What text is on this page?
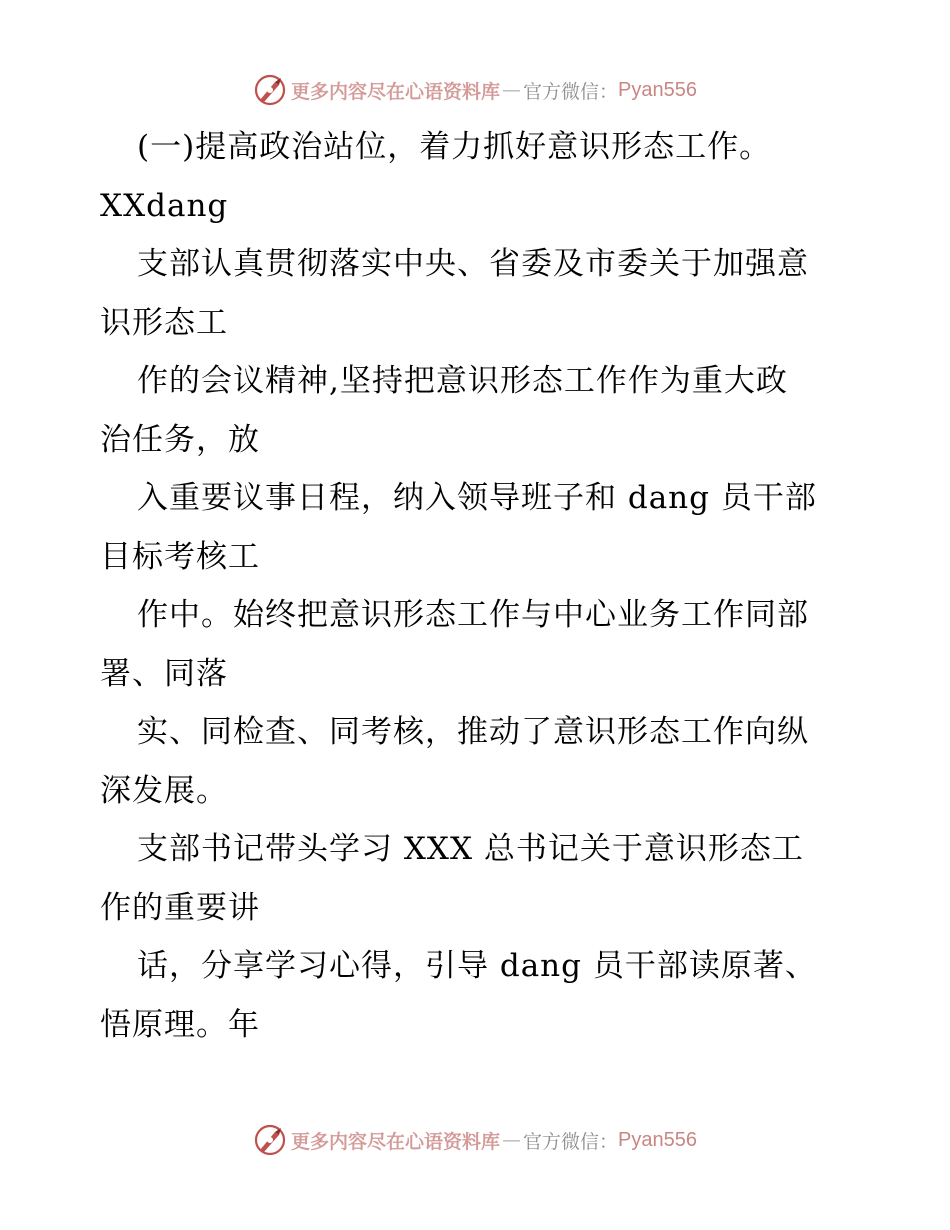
更多内容尽在心语资料库 — 官方微信： Pyan556
(一)提高政治站位，着力抓好意识形态工作。
XXdang
支部认真贯彻落实中央、省委及市委关于加强意
识形态工
作的会议精神,坚持把意识形态工作作为重大政
治任务，放
入重要议事日程，纳入领导班子和 dang 员干部
目标考核工
作中。始终把意识形态工作与中心业务工作同部
署、同落
实、同检查、同考核，推动了意识形态工作向纵
深发展。
支部书记带头学习 XXX 总书记关于意识形态工
作的重要讲
话，分享学习心得，引导 dang 员干部读原著、
悟原理。年
更多内容尽在心语资料库 — 官方微信： Pyan556
